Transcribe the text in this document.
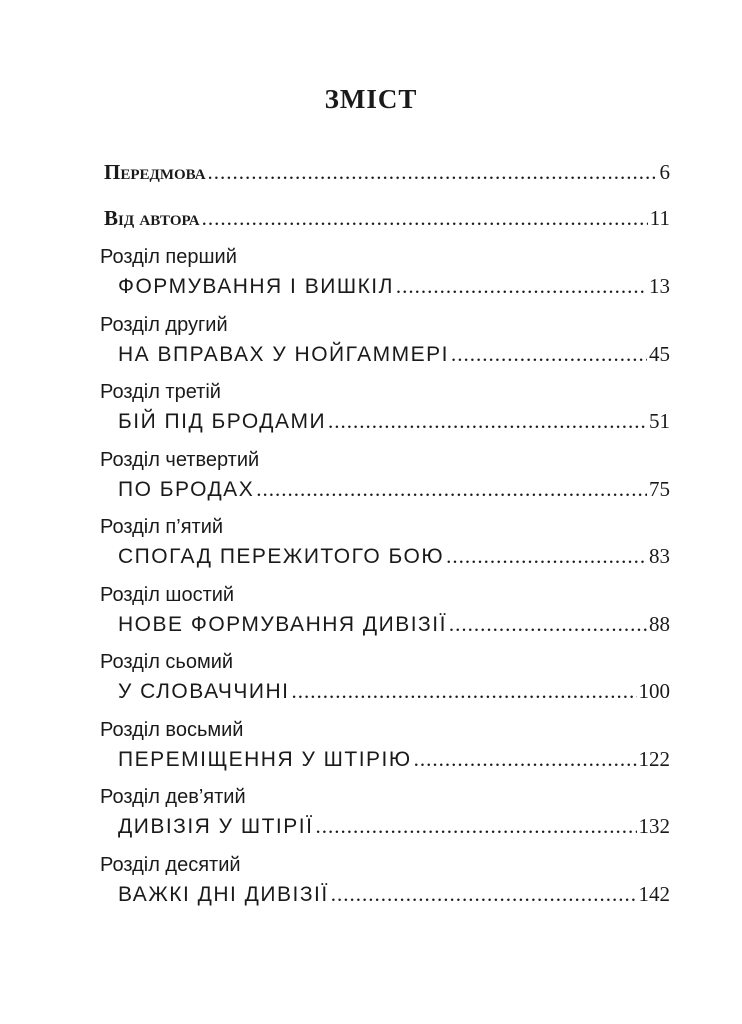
ЗМІСТ
Передмова .....	6
Від автора .....	11
Розділ перший
ФОРМУВАННЯ І ВИШКІЛ .....	13
Розділ другий
НА ВПРАВАХ У НОЙГАММЕРІ .....	45
Розділ третій
БІЙ ПІД БРОДАМИ .....	51
Розділ четвертий
ПО БРОДАХ .....	75
Розділ п’ятий
СПОГАД ПЕРЕЖИТОГО БОЮ .....	83
Розділ шостий
НОВЕ ФОРМУВАННЯ ДИВІЗІЇ .....	88
Розділ сьомий
У СЛОВАЧЧИНІ .....	100
Розділ восьмий
ПЕРЕМІЩЕННЯ У ШТІРІЮ .....	122
Розділ дев’ятий
ДИВІЗІЯ У ШТІРІЇ .....	132
Розділ десятий
ВАЖКІ ДНІ ДИВІЗІЇ .....	142
